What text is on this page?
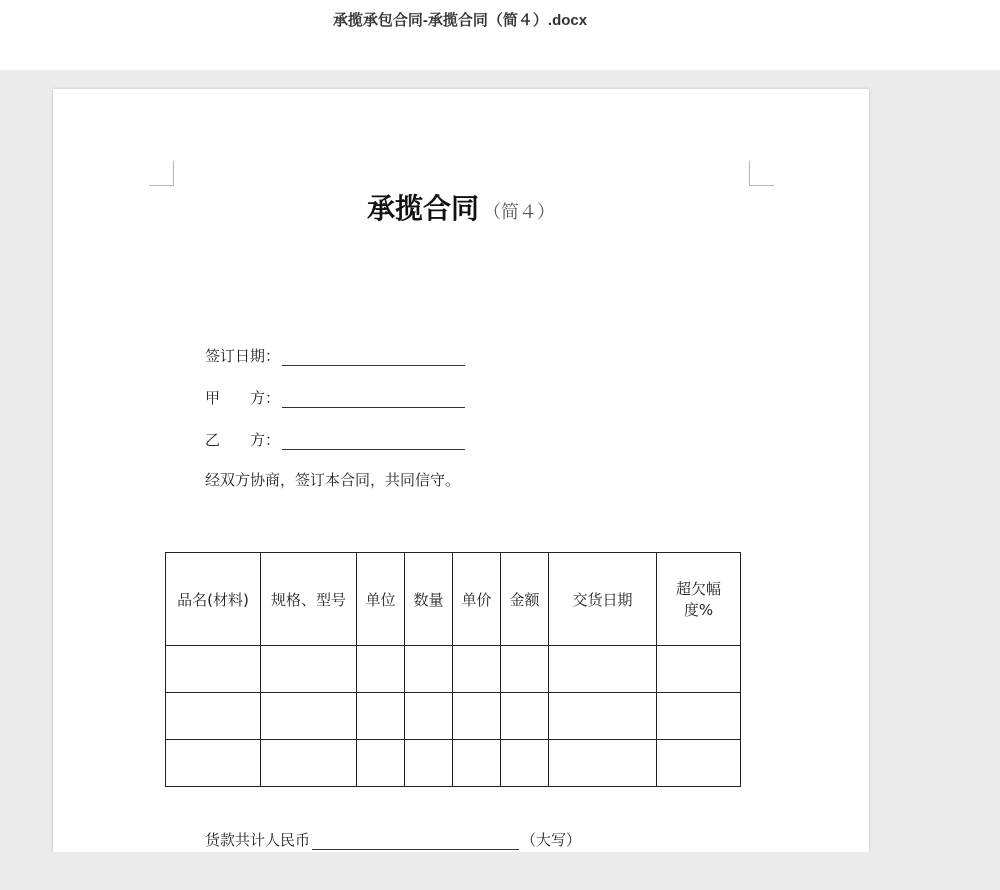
承揽承包合同-承揽合同（简４）.docx
承揽合同 （简４）
签订日期：
甲　　方：
乙　　方：
经双方协商，签订本合同，共同信守。
品名(材料)	规格、型号	单位	数量	单价	金额	交货日期	超欠幅度%

货款共计人民币	（大写）
